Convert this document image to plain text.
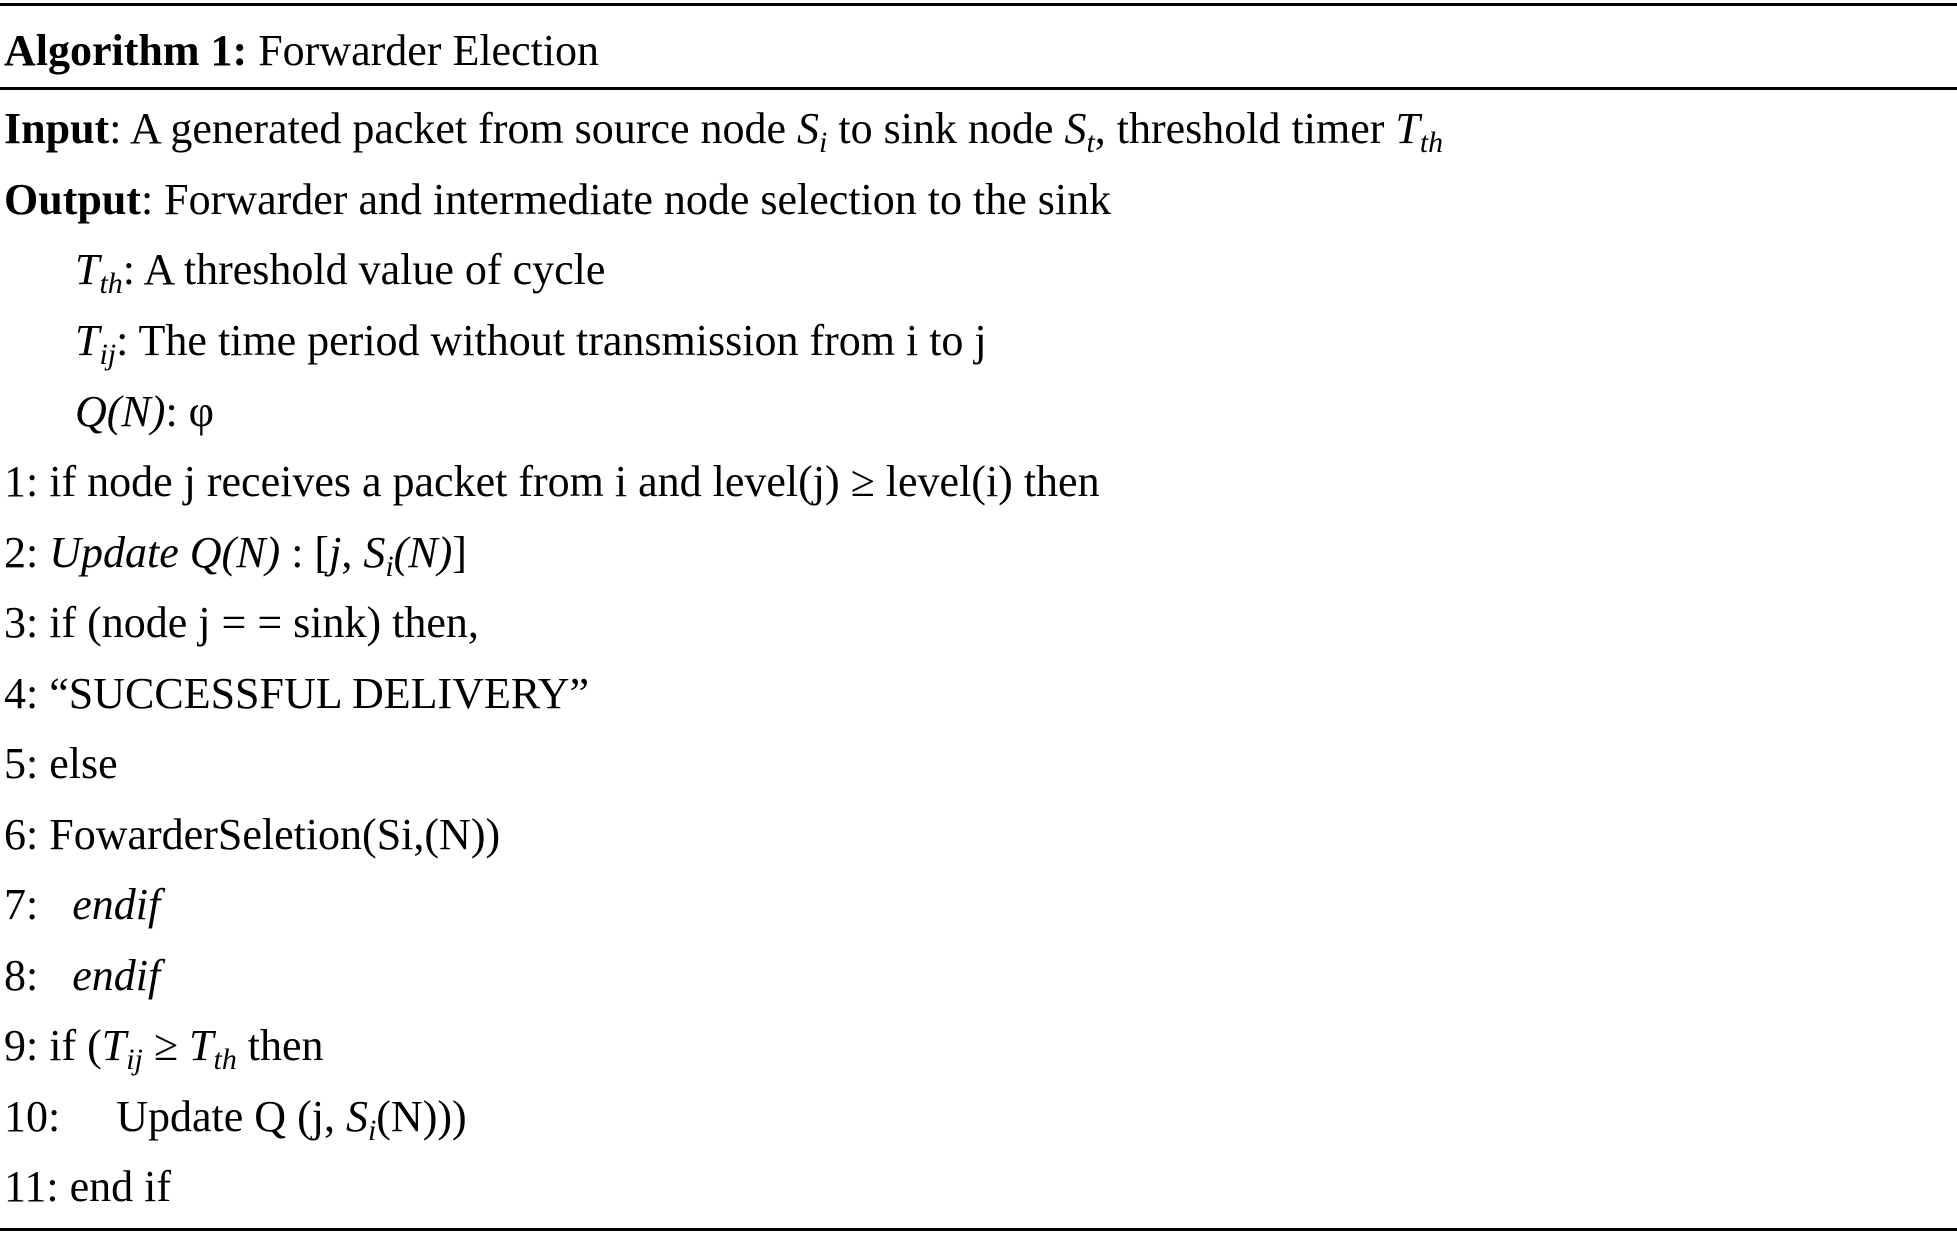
Algorithm 1: Forwarder Election
Input: A generated packet from source node $S_i$ to sink node $S_t$, threshold timer $T_{th}$
Output: Forwarder and intermediate node selection to the sink
$T_{th}$: A threshold value of cycle
$T_{ij}$: The time period without transmission from i to j
Q(N): φ
1: if node j receives a packet from i and level(j) ≥ level(i) then
2: Update Q(N) : [j, $S_i(N)$]
3: if (node j = = sink) then,
4: “SUCCESSFUL DELIVERY”
5: else
6: FowarderSeletion(Si,(N))
7: endif
8: endif
9: if ($T_{ij} \ge T_{th}$ then
10: Update Q (j, $S_i(N)$))
11: end if
